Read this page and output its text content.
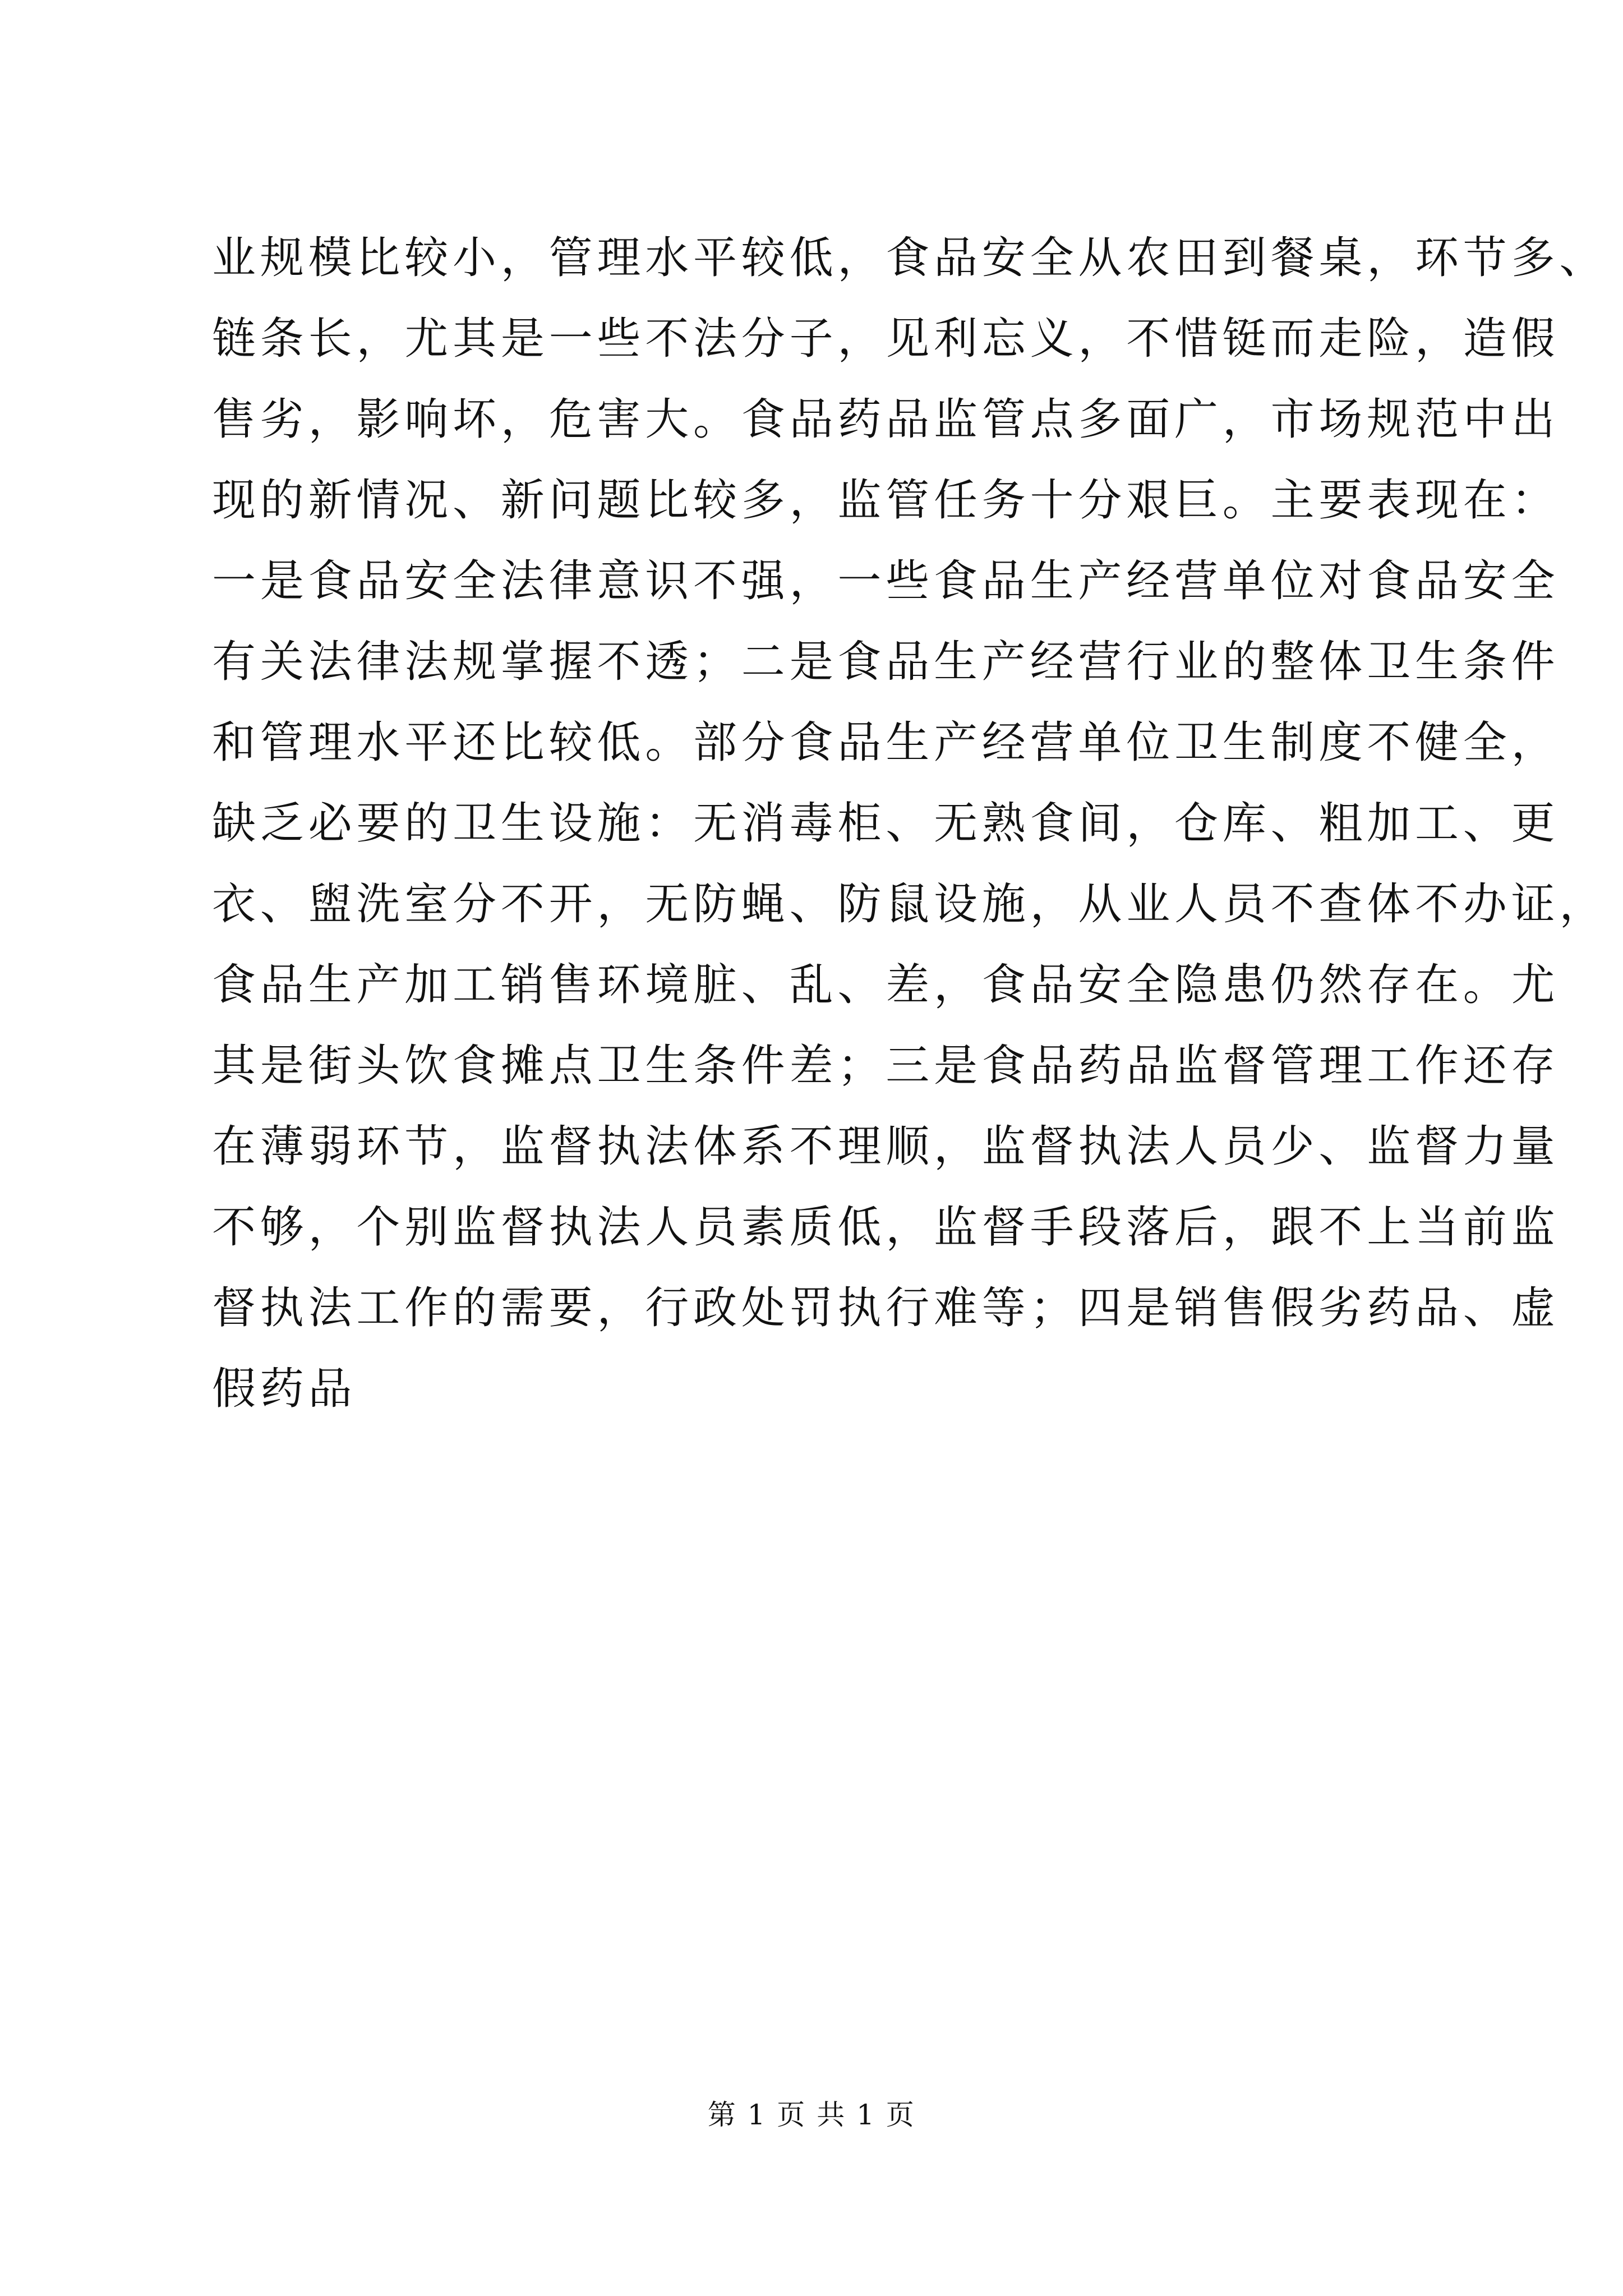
业规模比较小，管理水平较低，食品安全从农田到餐桌，环节多、
链条长，尤其是一些不法分子，见利忘义，不惜铤而走险，造假
售劣，影响坏，危害大。食品药品监管点多面广，市场规范中出
现的新情况、新问题比较多，监管任务十分艰巨。主要表现在：
一是食品安全法律意识不强，一些食品生产经营单位对食品安全
有关法律法规掌握不透；二是食品生产经营行业的整体卫生条件
和管理水平还比较低。部分食品生产经营单位卫生制度不健全，
缺乏必要的卫生设施：无消毒柜、无熟食间，仓库、粗加工、更
衣、盥洗室分不开，无防蝇、防鼠设施，从业人员不查体不办证，
食品生产加工销售环境脏、乱、差，食品安全隐患仍然存在。尤
其是街头饮食摊点卫生条件差；三是食品药品监督管理工作还存
在薄弱环节，监督执法体系不理顺，监督执法人员少、监督力量
不够，个别监督执法人员素质低，监督手段落后，跟不上当前监
督执法工作的需要，行政处罚执行难等；四是销售假劣药品、虚
假药品
第 1 页 共 1 页
